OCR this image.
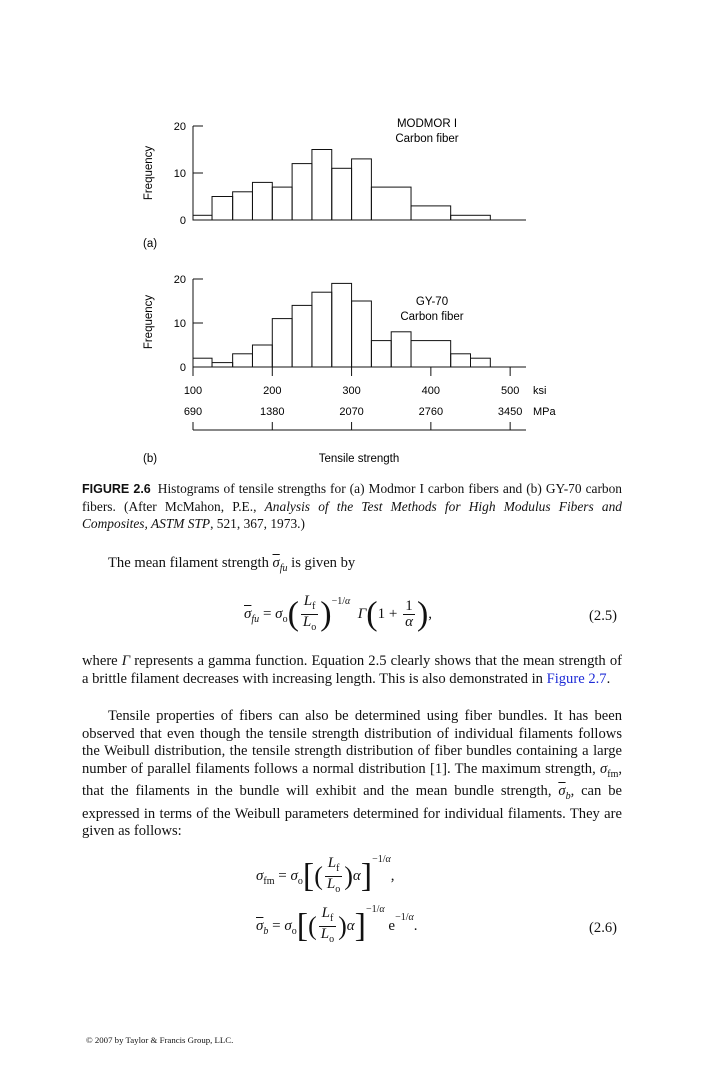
0
10
20
Frequency
MODMOR I
Carbon fiber
(a)
0
10
20
Frequency	GY-70
Carbon fiber
(b)
100
690
200
1380
300
2070
400
2760
500
3450
ksi
MPa
Tensile strength
FIGURE 2.6 Histograms of tensile strengths for (a) Modmor I carbon fibers and (b) GY-70 carbon fibers. (After McMahon, P.E., Analysis of the Test Methods for High Modulus Fibers and Composites, ASTM STP, 521, 367, 1973.)

The mean filament strength $\overline{\sigma}_{fu}$ is given by

$\overline{\sigma}_{fu} = \sigma_o( \frac{L_f}{L_o} )^{-1/\alpha}$  $\Gamma(1 + \frac{1}{\alpha}$ ),	(2.5)

where Γ represents a gamma function. Equation 2.5 clearly shows that the mean strength of a brittle filament decreases with increasing length. This is also demonstrated in Figure 2.7.

Tensile properties of fibers can also be determined using fiber bundles. It has been observed that even though the tensile strength distribution of individual filaments follows the Weibull distribution, the tensile strength distribution of fiber bundles containing a large number of parallel filaments follows a normal distribution [1]. The maximum strength, $\sigma_{fm}$, that the filaments in the bundle will exhibit and the mean bundle strength, $\overline{\sigma}_b$, can be expressed in terms of the Weibull parameters determined for individual filaments. They are given as follows:

$\sigma_{fm} = \sigma_o[( \frac{L_f}{L_o} )\alpha]^{-1/\alpha}$,
$\overline{\sigma}_b = \sigma_o[( \frac{L_f}{L_o} )\alpha]^{-1/\alpha}$ $e^{-1/\alpha}$.	(2.6)
© 2007 by Taylor & Francis Group, LLC.
